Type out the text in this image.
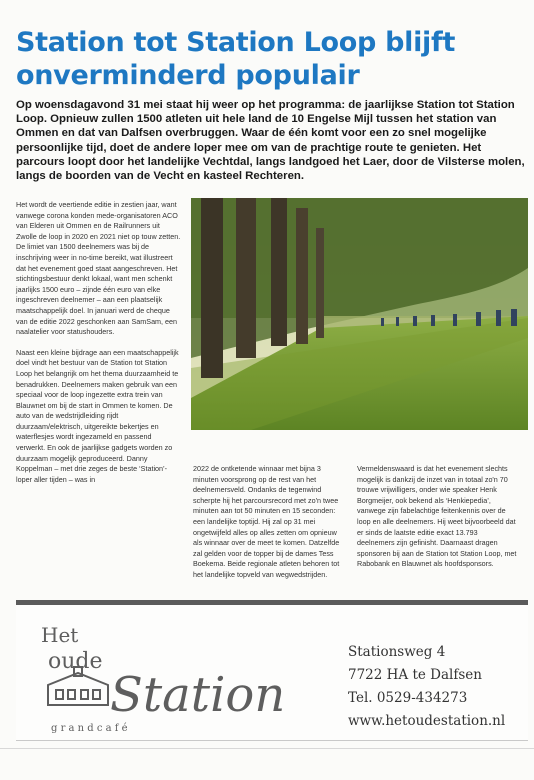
Station tot Station Loop blijft onverminderd populair
Op woensdagavond 31 mei staat hij weer op het programma: de jaarlijkse Station tot Station Loop. Opnieuw zullen 1500 atleten uit hele land de 10 Engelse Mijl tussen het station van Ommen en dat van Dalfsen overbruggen. Waar de één komt voor een zo snel mogelijke persoonlijke tijd, doet de andere loper mee om van de prachtige route te genieten. Het parcours loopt door het landelijke Vechtdal, langs landgoed het Laer, door de Vilsterse molen, langs de boorden van de Vecht en kasteel Rechteren.

Het wordt de veertiende editie in zestien jaar, want vanwege corona konden mede-organisatoren ACO van Elderen uit Ommen en de Railrunners uit Zwolle de loop in 2020 en 2021 niet op touw zetten. De limiet van 1500 deelnemers was bij de inschrijving weer in no-time bereikt, wat illustreert dat het evenement goed staat aangeschreven. Het stichtingsbestuur denkt lokaal, want men schenkt jaarlijks 1500 euro – zijnde één euro van elke ingeschreven deelnemer – aan een plaatselijk maatschappelijk doel. In januari werd de cheque van de editie 2022 geschonken aan SamSam, een naalatelier voor statushouders.

Naast een kleine bijdrage aan een maatschappelijk doel vindt het bestuur van de Station tot Station Loop het belangrijk om het thema duurzaamheid te benadrukken. Deelnemers maken gebruik van een speciaal voor de loop ingezette extra trein van Blauwnet om bij de start in Ommen te komen. De auto van de wedstrijdleiding rijdt duurzaam/elektrisch, uitgereikte bekertjes en waterflesjes wordt ingezameld en passend verwerkt. En ook de jaarlijkse gadgets worden zo duurzaam mogelijk geproduceerd. Danny Koppelman – met drie zeges de beste ‘Station’-loper aller tijden – was in

2022 de ontketende winnaar met bijna 3 minuten voorsprong op de rest van het deelnemersveld. Ondanks de tegenwind scherpte hij het parcoursrecord met zo'n twee minuten aan tot 50 minuten en 15 seconden: een landelijke toptijd. Hij zal op 31 mei ongetwijfeld alles op alles zetten om opnieuw als winnaar over de meet te komen. Datzelfde zal gelden voor de topper bij de dames Tess Boekema. Beide regionale atleten behoren tot het landelijke topveld van wegwedstrijden.

Vermeldenswaard is dat het evenement slechts mogelijk is dankzij de inzet van in totaal zo'n 70 trouwe vrijwilligers, onder wie speaker Henk Borgmeijer, ook bekend als ‘Henkiepedia’, vanwege zijn fabelachtige feitenkennis over de loop en alle deelnemers. Hij weet bijvoorbeeld dat er sinds de laatste editie exact 13.793 deelnemers zijn gefinisht. Daarnaast dragen sponsoren bij aan de Station tot Station Loop, met Rabobank en Blauwnet als hoofdsponsors.

Het
oude
Station
g r a n d c a f é
Stationsweg 4
7722 HA te Dalfsen
Tel. 0529-434273
www.hetoudestation.nl
